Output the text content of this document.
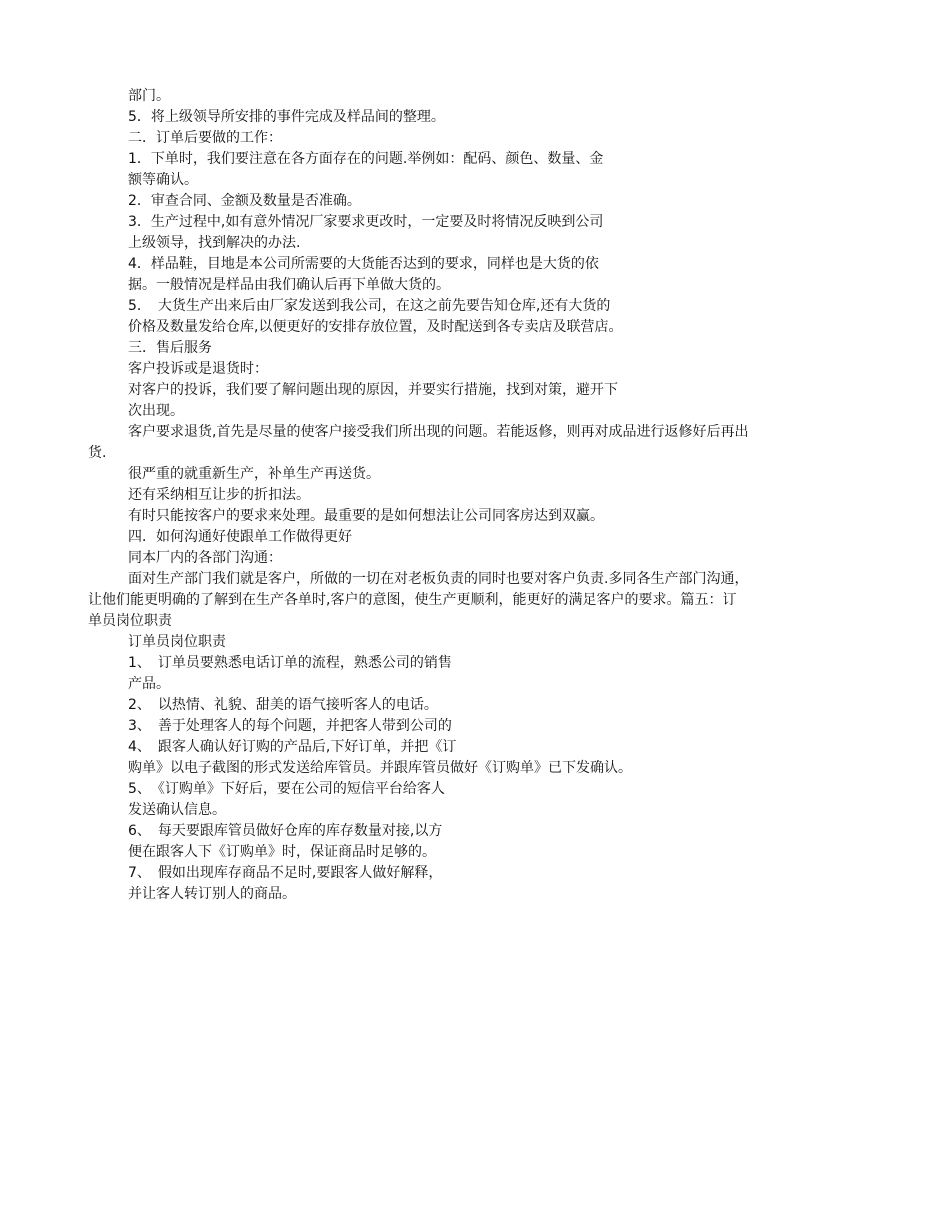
部门。
5．将上级领导所安排的事件完成及样品间的整理。
二．订单后要做的工作：
1．下单时，我们要注意在各方面存在的问题.举例如：配码、颜色、数量、金
额等确认。
2．审查合同、金额及数量是否准确。
3．生产过程中,如有意外情况厂家要求更改时，一定要及时将情况反映到公司
上级领导，找到解决的办法.
4．样品鞋，目地是本公司所需要的大货能否达到的要求，同样也是大货的依
据。一般情况是样品由我们确认后再下单做大货的。
5．　大货生产出来后由厂家发送到我公司，在这之前先要告知仓库,还有大货的
价格及数量发给仓库,以便更好的安排存放位置，及时配送到各专卖店及联营店。
三．售后服务
客户投诉或是退货时：
对客户的投诉，我们要了解问题出现的原因，并要实行措施，找到对策，避开下
次出现。
客户要求退货,首先是尽量的使客户接受我们所出现的问题。若能返修，则再对成品进行返修好后再出
货.
很严重的就重新生产，补单生产再送货。
还有采纳相互让步的折扣法。
有时只能按客户的要求来处理。最重要的是如何想法让公司同客房达到双赢。
四．如何沟通好使跟单工作做得更好
同本厂内的各部门沟通：
面对生产部门我们就是客户，所做的一切在对老板负责的同时也要对客户负责.多同各生产部门沟通，
让他们能更明确的了解到在生产各单时,客户的意图，使生产更顺利，能更好的满足客户的要求。篇五：订
单员岗位职责
订单员岗位职责
1、　订单员要熟悉电话订单的流程，熟悉公司的销售
产品。
2、　以热情、礼貌、甜美的语气接听客人的电话。
3、　善于处理客人的每个问题，并把客人带到公司的
4、　跟客人确认好订购的产品后,下好订单，并把《订
购单》以电子截图的形式发送给库管员。并跟库管员做好《订购单》已下发确认。
5、　《订购单》下好后，要在公司的短信平台给客人
发送确认信息。
6、　每天要跟库管员做好仓库的库存数量对接,以方
便在跟客人下《订购单》时，保证商品时足够的。
7、　假如出现库存商品不足时,要跟客人做好解释，
并让客人转订别人的商品。
